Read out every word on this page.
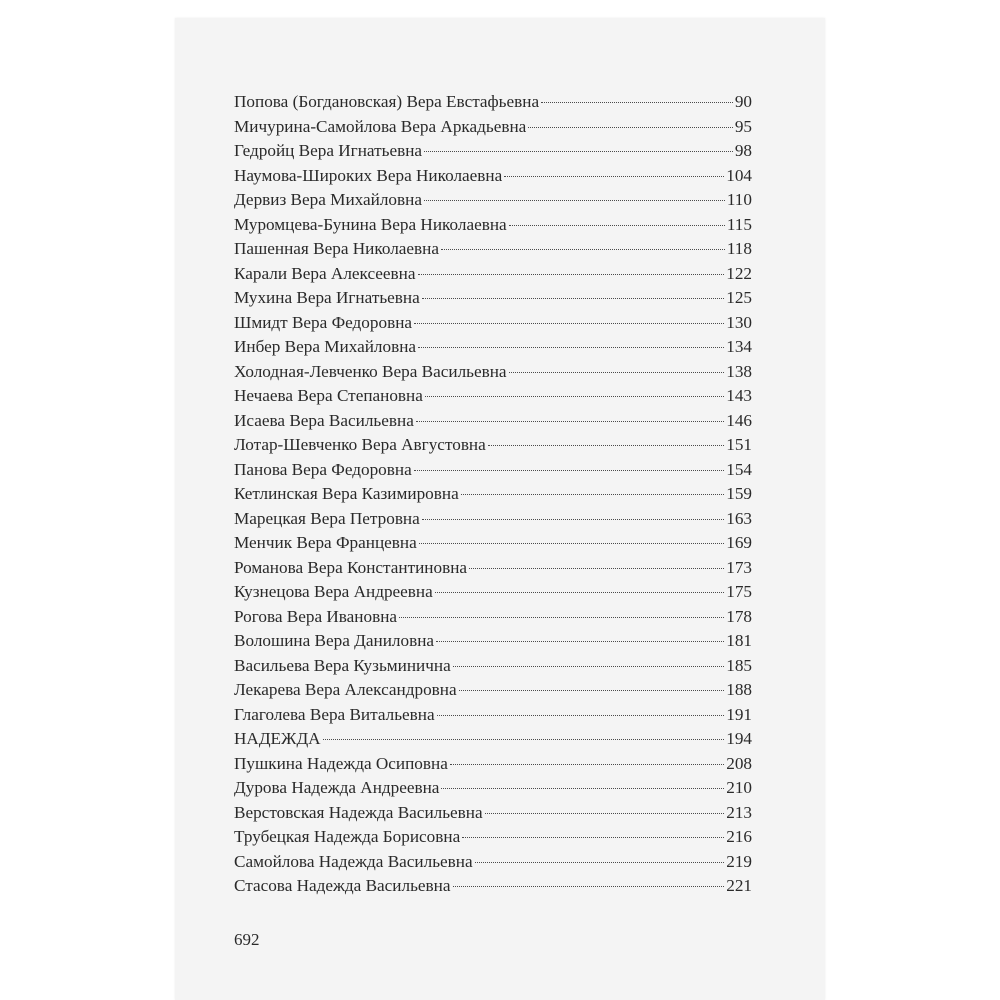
Попова (Богдановская) Вера Евстафьевна	90
Мичурина-Самойлова Вера Аркадьевна	95
Гедройц Вера Игнатьевна	98
Наумова-Широких Вера Николаевна	104
Дервиз Вера Михайловна	110
Муромцева-Бунина Вера Николаевна	115
Пашенная Вера Николаевна	118
Карали Вера Алексеевна	122
Мухина Вера Игнатьевна	125
Шмидт Вера Федоровна	130
Инбер Вера Михайловна	134
Холодная-Левченко Вера Васильевна	138
Нечаева Вера Степановна	143
Исаева Вера Васильевна	146
Лотар-Шевченко Вера Августовна	151
Панова Вера Федоровна	154
Кетлинская Вера Казимировна	159
Марецкая Вера Петровна	163
Менчик Вера Францевна	169
Романова Вера Константиновна	173
Кузнецова Вера Андреевна	175
Рогова Вера Ивановна	178
Волошина Вера Даниловна	181
Васильева Вера Кузьминична	185
Лекарева Вера Александровна	188
Глаголева Вера Витальевна	191
НАДЕЖДА	194
Пушкина Надежда Осиповна	208
Дурова Надежда Андреевна	210
Верстовская Надежда Васильевна	213
Трубецкая Надежда Борисовна	216
Самойлова Надежда Васильевна	219
Стасова Надежда Васильевна	221
692
